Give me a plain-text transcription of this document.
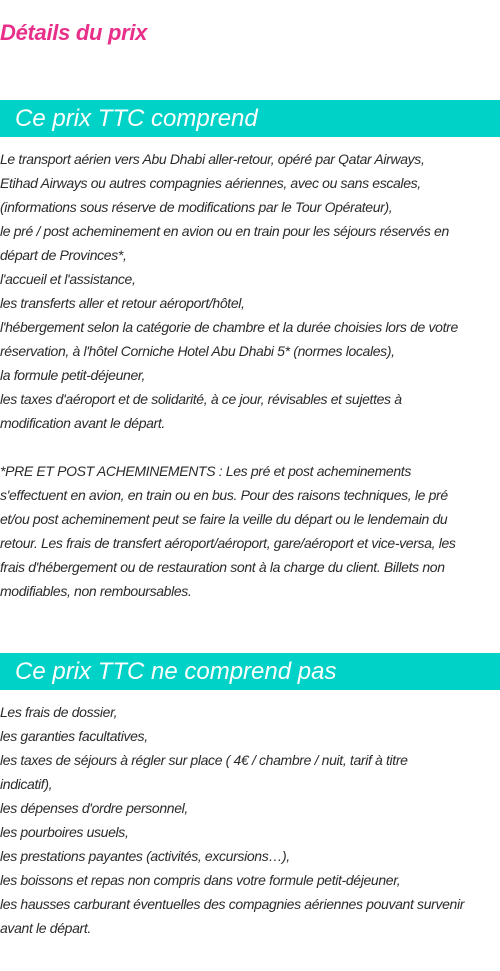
Détails du prix
Ce prix TTC comprend
Le transport aérien vers Abu Dhabi aller-retour, opéré par Qatar Airways,
Etihad Airways ou autres compagnies aériennes, avec ou sans escales,
(informations sous réserve de modifications par le Tour Opérateur),
le pré / post acheminement en avion ou en train pour les séjours réservés en
départ de Provinces*,
l'accueil et l'assistance,
les transferts aller et retour aéroport/hôtel,
l'hébergement selon la catégorie de chambre et la durée choisies lors de votre
réservation, à l'hôtel Corniche Hotel Abu Dhabi 5* (normes locales),
la formule petit-déjeuner,
les taxes d'aéroport et de solidarité, à ce jour, révisables et sujettes à
modification avant le départ.
*PRE ET POST ACHEMINEMENTS : Les pré et post acheminements
s'effectuent en avion, en train ou en bus. Pour des raisons techniques, le pré
et/ou post acheminement peut se faire la veille du départ ou le lendemain du
retour. Les frais de transfert aéroport/aéroport, gare/aéroport et vice-versa, les
frais d'hébergement ou de restauration sont à la charge du client. Billets non
modifiables, non remboursables.
Ce prix TTC ne comprend pas
Les frais de dossier,
les garanties facultatives,
les taxes de séjours à régler sur place ( 4€ / chambre / nuit, tarif à titre
indicatif),
les dépenses d'ordre personnel,
les pourboires usuels,
les prestations payantes (activités, excursions…),
les boissons et repas non compris dans votre formule petit-déjeuner,
les hausses carburant éventuelles des compagnies aériennes pouvant survenir
avant le départ.
